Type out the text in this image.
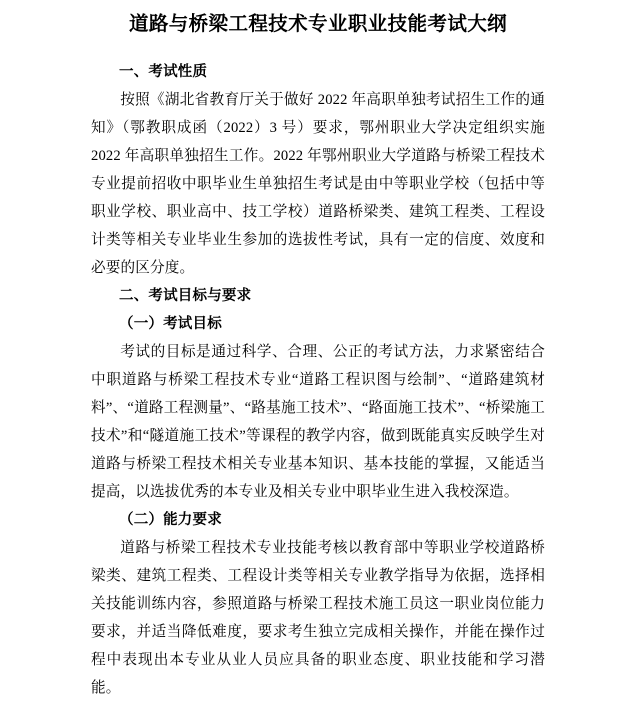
道路与桥梁工程技术专业职业技能考试大纲
一、考试性质

按照《湖北省教育厅关于做好 2022 年高职单独考试招生工作的通知》（鄂教职成函（2022）3 号）要求，鄂州职业大学决定组织实施 2022 年高职单独招生工作。2022 年鄂州职业大学道路与桥梁工程技术专业提前招收中职毕业生单独招生考试是由中等职业学校（包括中等职业学校、职业高中、技工学校）道路桥梁类、建筑工程类、工程设计类等相关专业毕业生参加的选拔性考试，具有一定的信度、效度和必要的区分度。

二、考试目标与要求
（一）考试目标

考试的目标是通过科学、合理、公正的考试方法，力求紧密结合中职道路与桥梁工程技术专业“道路工程识图与绘制”、“道路建筑材料”、“道路工程测量”、“路基施工技术”、“路面施工技术”、“桥梁施工技术”和“隧道施工技术”等课程的教学内容，做到既能真实反映学生对道路与桥梁工程技术相关专业基本知识、基本技能的掌握，又能适当提高，以选拔优秀的本专业及相关专业中职毕业生进入我校深造。

（二）能力要求

道路与桥梁工程技术专业技能考核以教育部中等职业学校道路桥梁类、建筑工程类、工程设计类等相关专业教学指导为依据，选择相关技能训练内容，参照道路与桥梁工程技术施工员这一职业岗位能力要求，并适当降低难度，要求考生独立完成相关操作，并能在操作过程中表现出本专业从业人员应具备的职业态度、职业技能和学习潜能。
